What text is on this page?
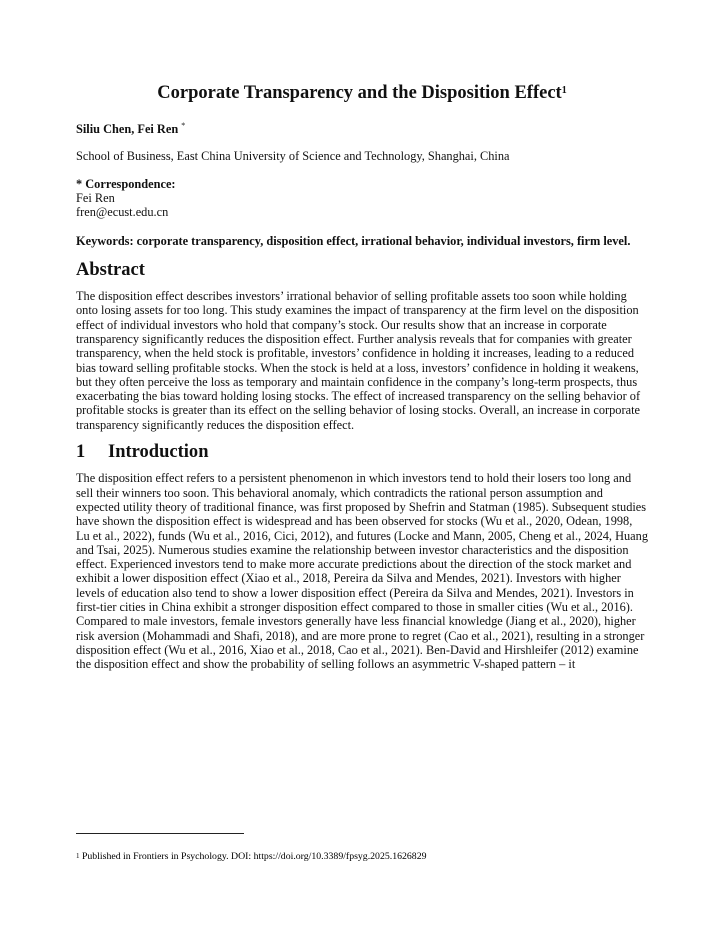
Corporate Transparency and the Disposition Effect$^1$

Siliu Chen, Fei Ren *

School of Business, East China University of Science and Technology, Shanghai, China

* Correspondence:

Fei Ren

fren@ecust.edu.cn

Keywords: corporate transparency, disposition effect, irrational behavior, individual investors, firm level.

Abstract

The disposition effect describes investors’ irrational behavior of selling profitable assets too soon while holding onto losing assets for too long. This study examines the impact of transparency at the firm level on the disposition effect of individual investors who hold that company’s stock. Our results show that an increase in corporate transparency significantly reduces the disposition effect. Further analysis reveals that for companies with greater transparency, when the held stock is profitable, investors’ confidence in holding it increases, leading to a reduced bias toward selling profitable stocks. When the stock is held at a loss, investors’ confidence in holding it weakens, but they often perceive the loss as temporary and maintain confidence in the company’s long-term prospects, thus exacerbating the bias toward holding losing stocks. The effect of increased transparency on the selling behavior of profitable stocks is greater than its effect on the selling behavior of losing stocks. Overall, an increase in corporate transparency significantly reduces the disposition effect.

1 Introduction

The disposition effect refers to a persistent phenomenon in which investors tend to hold their losers too long and sell their winners too soon. This behavioral anomaly, which contradicts the rational person assumption and expected utility theory of traditional finance, was first proposed by Shefrin and Statman (1985). Subsequent studies have shown the disposition effect is widespread and has been observed for stocks (Wu et al., 2020, Odean, 1998, Lu et al., 2022), funds (Wu et al., 2016, Cici, 2012), and futures (Locke and Mann, 2005, Cheng et al., 2024, Huang and Tsai, 2025). Numerous studies examine the relationship between investor characteristics and the disposition effect. Experienced investors tend to make more accurate predictions about the direction of the stock market and exhibit a lower disposition effect (Xiao et al., 2018, Pereira da Silva and Mendes, 2021). Investors with higher levels of education also tend to show a lower disposition effect (Pereira da Silva and Mendes, 2021). Investors in first-tier cities in China exhibit a stronger disposition effect compared to those in smaller cities (Wu et al., 2016). Compared to male investors, female investors generally have less financial knowledge (Jiang et al., 2020), higher risk aversion (Mohammadi and Shafi, 2018), and are more prone to regret (Cao et al., 2021), resulting in a stronger disposition effect (Wu et al., 2016, Xiao et al., 2018, Cao et al., 2021). Ben-David and Hirshleifer (2012) examine the disposition effect and show the probability of selling follows an asymmetric V-shaped pattern – it

$^1$ Published in Frontiers in Psychology. DOI: https://doi.org/10.3389/fpsyg.2025.1626829
